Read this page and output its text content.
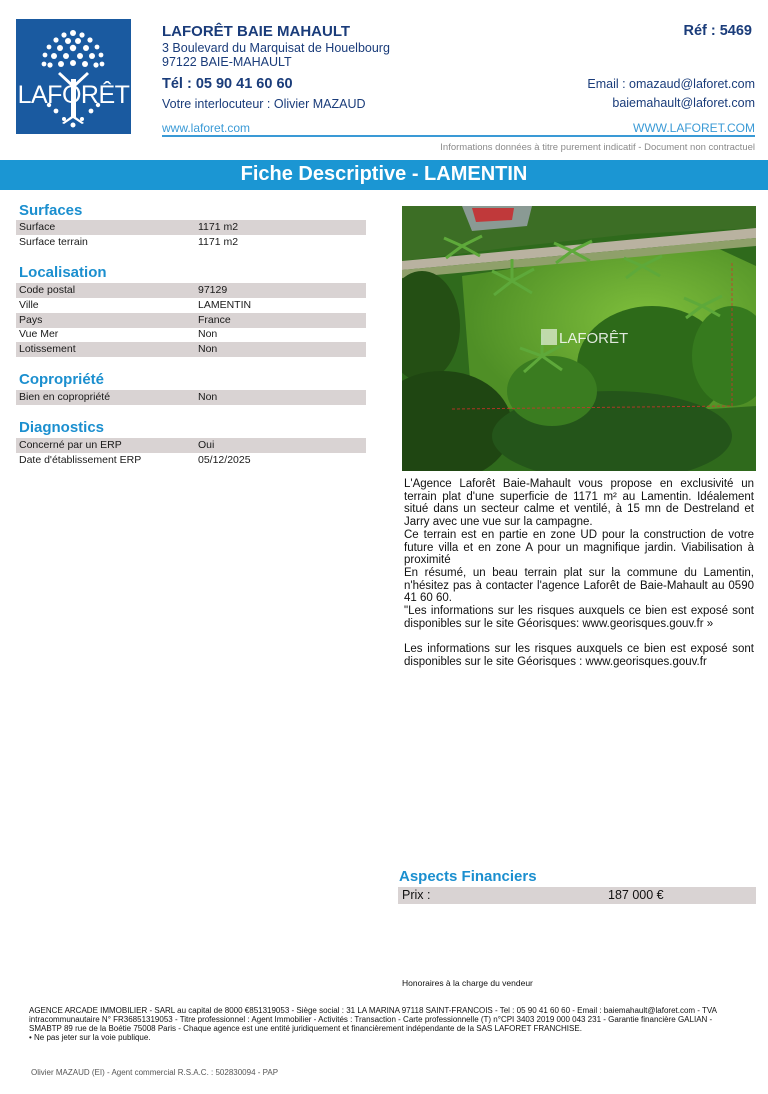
LAFORÊT
LAFORÊT BAIE MAHAULT
3 Boulevard du Marquisat de Houelbourg
97122 BAIE-MAHAULT
Tél : 05 90 41 60 60
Votre interlocuteur : Olivier MAZAUD
Réf : 5469
Email : omazaud@laforet.com
baiemahault@laforet.com
www.laforet.com	WWW.LAFORET.COM
Informations données à titre purement indicatif - Document non contractuel
Fiche Descriptive - LAMENTIN
Surfaces
Surface	1171 m2
Surface terrain	1171 m2
Localisation
Code postal	97129
Ville	LAMENTIN
Pays	France
Vue Mer	Non
Lotissement	Non
Copropriété
Bien en copropriété	Non
Diagnostics
Concerné par un ERP	Oui
Date d'établissement ERP	05/12/2025
LAFORÊT

L'Agence Laforêt Baie-Mahault vous propose en exclusivité un terrain plat d'une superficie de 1171 m² au Lamentin. Idéalement situé dans un secteur calme et ventilé, à 15 mn de Destreland et Jarry avec une vue sur la campagne.

Ce terrain est en partie en zone UD pour la construction de votre future villa et en zone A pour un magnifique jardin. Viabilisation à proximité

En résumé, un beau terrain plat sur la commune du Lamentin, n'hésitez pas à contacter l'agence Laforêt de Baie-Mahault au 0590 41 60 60.

"Les informations sur les risques auxquels ce bien est exposé sont disponibles sur le site Géorisques: www.georisques.gouv.fr »

Les informations sur les risques auxquels ce bien est exposé sont disponibles sur le site Géorisques : www.georisques.gouv.fr

Aspects Financiers
Prix :	187 000 €
Honoraires à la charge du vendeur
AGENCE ARCADE IMMOBILIER - SARL au capital de 8000 €851319053 - Siège social : 31 LA MARINA 97118 SAINT-FRANCOIS - Tel : 05 90 41 60 60 - Email : baiemahault@laforet.com - TVA intracommunautaire N° FR36851319053 - Titre professionnel : Agent Immobilier - Activités : Transaction - Carte professionnelle (T) n°CPI 3403 2019 000 043 231 - Garantie financière GALIAN - SMABTP 89 rue de la Boétie 75008 Paris - Chaque agence est une entité juridiquement et financièrement indépendante de la SAS LAFORET FRANCHISE.
• Ne pas jeter sur la voie publique.
Olivier MAZAUD (EI) - Agent commercial R.S.A.C. : 502830094 - PAP
